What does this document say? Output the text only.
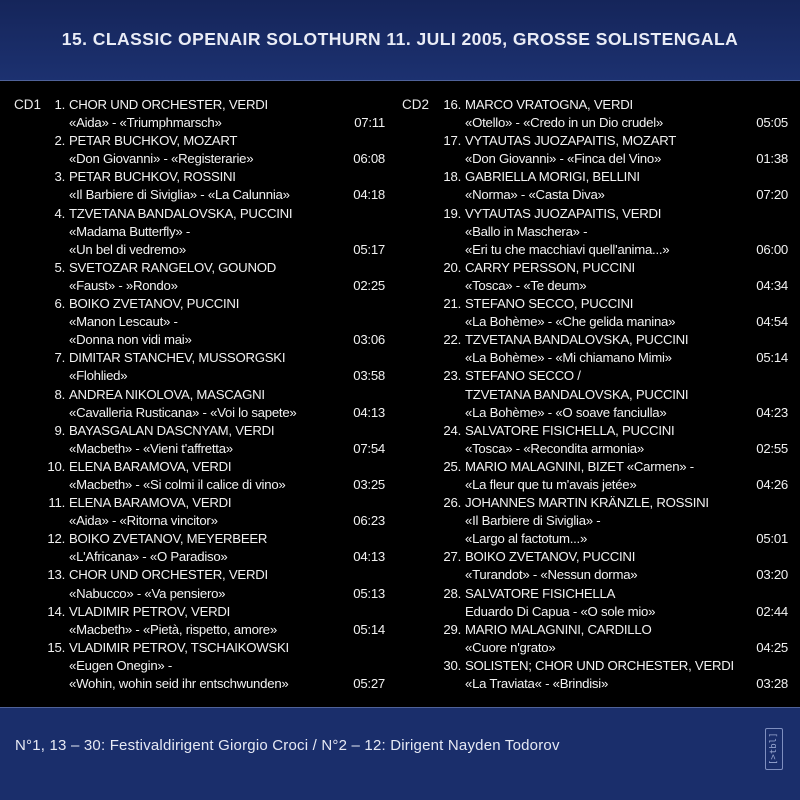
15. CLASSIC OPENAIR SOLOTHURN 11. JULI 2005, GROSSE SOLISTENGALA
CD1	1. CHOR UND ORCHESTER, VERDI
«Aida» - «Triumphmarsch»	07:11
2. PETAR BUCHKOV, MOZART
«Don Giovanni» - «Registerarie»	06:08
3. PETAR BUCHKOV, ROSSINI
«Il Barbiere di Siviglia» - «La Calunnia»	04:18
4. TZVETANA BANDALOVSKA, PUCCINI
«Madama Butterfly» -
«Un bel di vedremo»	05:17
5. SVETOZAR RANGELOV, GOUNOD
«Faust» - »Rondo»	02:25
6. BOIKO ZVETANOV, PUCCINI
«Manon Lescaut» -
«Donna non vidi mai»	03:06
7. DIMITAR STANCHEV, MUSSORGSKI
«Flohlied»	03:58
8. ANDREA NIKOLOVA, MASCAGNI
«Cavalleria Rusticana» - «Voi lo sapete»	04:13
9. BAYASGALAN DASCNYAM, VERDI
«Macbeth» - «Vieni t'affretta»	07:54
10. ELENA BARAMOVA, VERDI
«Macbeth» - «Si colmi il calice di vino»	03:25
11. ELENA BARAMOVA, VERDI
«Aida» - «Ritorna vincitor»	06:23
12. BOIKO ZVETANOV, MEYERBEER
«L'Africana» - «O Paradiso»	04:13
13. CHOR UND ORCHESTER, VERDI
«Nabucco» - «Va pensiero»	05:13
14. VLADIMIR PETROV, VERDI
«Macbeth» - «Pietà, rispetto, amore»	05:14
15. VLADIMIR PETROV, TSCHAIKOWSKI
«Eugen Onegin» -
«Wohin, wohin seid ihr entschwunden»	05:27
CD2	16. MARCO VRATOGNA, VERDI
«Otello» - «Credo in un Dio crudel»	05:05
17. VYTAUTAS JUOZAPAITIS, MOZART
«Don Giovanni» - «Finca del Vino»	01:38
18. GABRIELLA MORIGI, BELLINI
«Norma» - «Casta Diva»	07:20
19. VYTAUTAS JUOZAPAITIS, VERDI
«Ballo in Maschera» -
«Eri tu che macchiavi quell'anima...»	06:00
20. CARRY PERSSON, PUCCINI
«Tosca» - «Te deum»	04:34
21. STEFANO SECCO, PUCCINI
«La Bohème» - «Che gelida manina»	04:54
22. TZVETANA BANDALOVSKA, PUCCINI
«La Bohème» - «Mi chiamano Mimi»	05:14
23. STEFANO SECCO /
TZVETANA BANDALOVSKA, PUCCINI
«La Bohème» - «O soave fanciulla»	04:23
24. SALVATORE FISICHELLA, PUCCINI
«Tosca» - «Recondita armonia»	02:55
25. MARIO MALAGNINI, BIZET «Carmen» -
«La fleur que tu m'avais jetée»	04:26
26. JOHANNES MARTIN KRÄNZLE, ROSSINI
«Il Barbiere di Siviglia» -
«Largo al factotum...»	05:01
27. BOIKO ZVETANOV, PUCCINI
«Turandot» - «Nessun dorma»	03:20
28. SALVATORE FISICHELLA
Eduardo Di Capua - «O sole mio»	02:44
29. MARIO MALAGNINI, CARDILLO
«Cuore n'grato»	04:25
30. SOLISTEN; CHOR UND ORCHESTER, VERDI
«La Traviata« - «Brindisi»	03:28

N°1, 13 – 30: Festivaldirigent Giorgio Croci / N°2 – 12: Dirigent Nayden Todorov	[>tbl]
